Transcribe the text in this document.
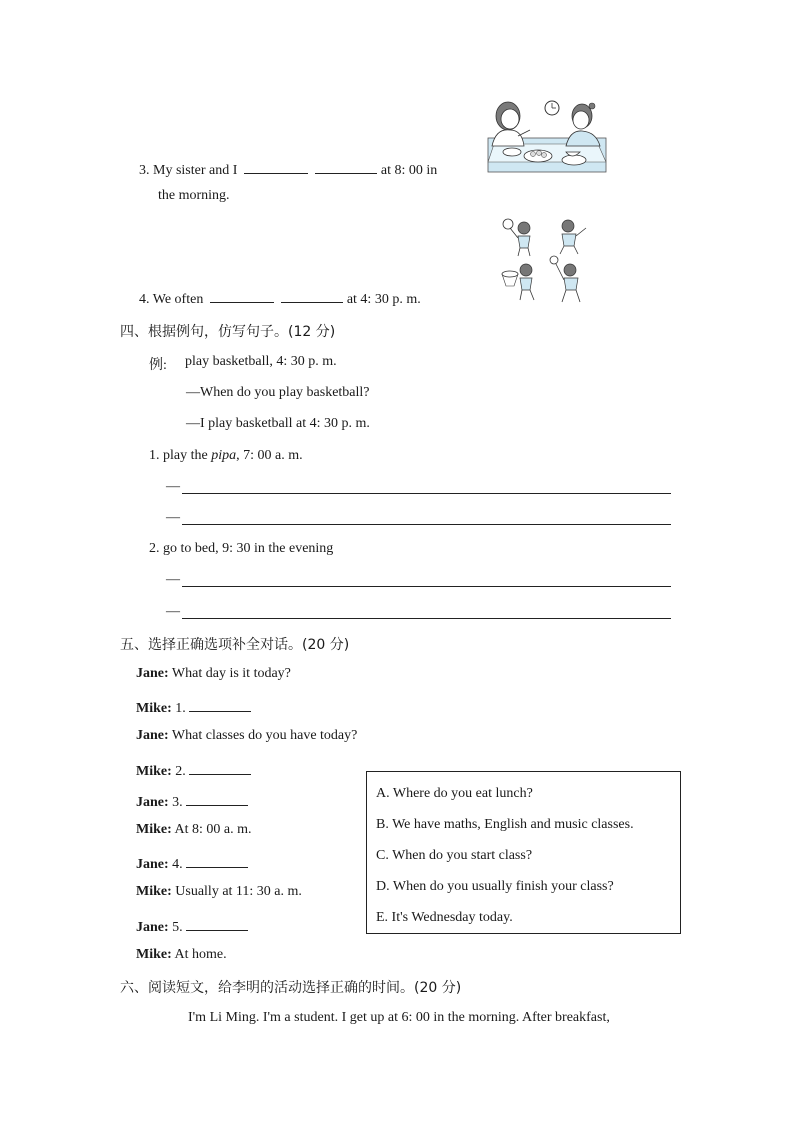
3. My sister and I	at 8: 00 in
the morning.
4. We often	at 4: 30 p. m.
四、根据例句，仿写句子。(12 分)
例: play basketball, 4: 30 p. m.
—When do you play basketball?
—I play basketball at 4: 30 p. m.
1. play the pipa, 7: 00 a. m.
—
—
2. go to bed, 9: 30 in the evening
—
—
五、选择正确选项补全对话。(20 分)
Jane: What day is it today?
Mike: 1.
Jane: What classes do you have today?
Mike: 2.
Jane: 3.
Mike: At 8: 00 a. m.
Jane: 4.
Mike: Usually at 11: 30 a. m.
Jane: 5.
Mike: At home.
A. Where do you eat lunch?
B. We have maths, English and music classes.
C. When do you start class?
D. When do you usually finish your class?
E. It's Wednesday today.
六、阅读短文，给李明的活动选择正确的时间。(20 分)
I'm Li Ming. I'm a student. I get up at 6: 00 in the morning. After breakfast,
